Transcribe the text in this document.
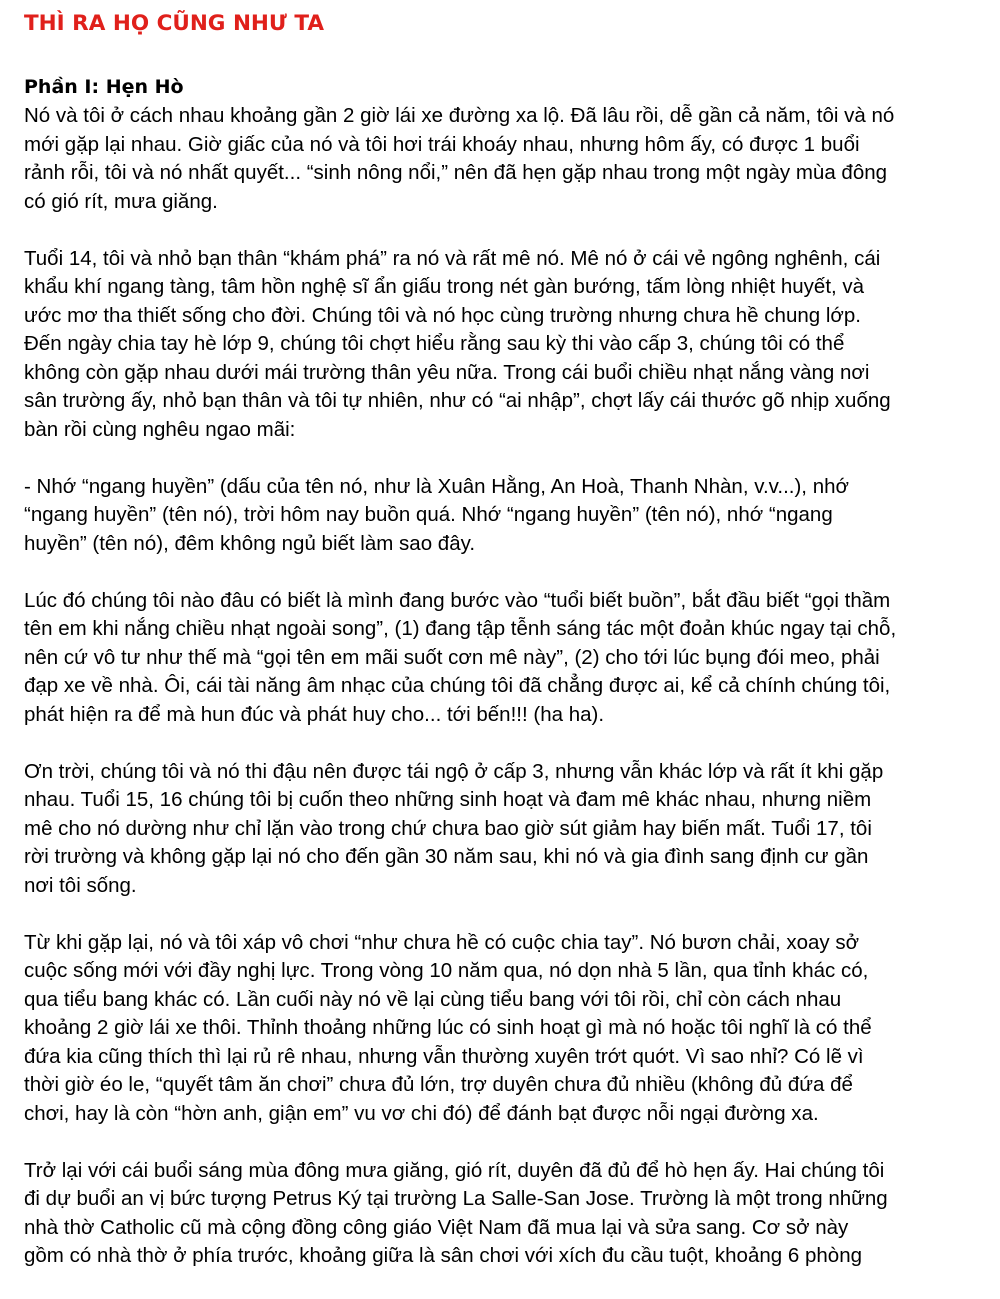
THÌ RA HỌ CŨNG NHƯ TA
Phần I: Hẹn Hò
Nó và tôi ở cách nhau khoảng gần 2 giờ lái xe đường xa lộ. Đã lâu rồi, dễ gần cả năm, tôi và nó
mới gặp lại nhau. Giờ giấc của nó và tôi hơi trái khoáy nhau, nhưng hôm ấy, có được 1 buổi
rảnh rỗi, tôi và nó nhất quyết... “sinh nông nổi,” nên đã hẹn gặp nhau trong một ngày mùa đông
có gió rít, mưa giăng.
Tuổi 14, tôi và nhỏ bạn thân “khám phá” ra nó và rất mê nó. Mê nó ở cái vẻ ngông nghênh, cái
khẩu khí ngang tàng, tâm hồn nghệ sĩ ẩn giấu trong nét gàn bướng, tấm lòng nhiệt huyết, và
ước mơ tha thiết sống cho đời. Chúng tôi và nó học cùng trường nhưng chưa hề chung lớp.
Đến ngày chia tay hè lớp 9, chúng tôi chợt hiểu rằng sau kỳ thi vào cấp 3, chúng tôi có thể
không còn gặp nhau dưới mái trường thân yêu nữa. Trong cái buổi chiều nhạt nắng vàng nơi
sân trường ấy, nhỏ bạn thân và tôi tự nhiên, như có “ai nhập”, chợt lấy cái thước gõ nhịp xuống
bàn rồi cùng nghêu ngao mãi:
- Nhớ “ngang huyền” (dấu của tên nó, như là Xuân Hằng, An Hoà, Thanh Nhàn, v.v...), nhớ
“ngang huyền” (tên nó), trời hôm nay buồn quá. Nhớ “ngang huyền” (tên nó), nhớ “ngang
huyền” (tên nó), đêm không ngủ biết làm sao đây.
Lúc đó chúng tôi nào đâu có biết là mình đang bước vào “tuổi biết buồn”, bắt đầu biết “gọi thầm
tên em khi nắng chiều nhạt ngoài song”, (1) đang tập tễnh sáng tác một đoản khúc ngay tại chỗ,
nên cứ vô tư như thế mà “gọi tên em mãi suốt cơn mê này”, (2) cho tới lúc bụng đói meo, phải
đạp xe về nhà. Ôi, cái tài năng âm nhạc của chúng tôi đã chẳng được ai, kể cả chính chúng tôi,
phát hiện ra để mà hun đúc và phát huy cho... tới bến!!! (ha ha).
Ơn trời, chúng tôi và nó thi đậu nên được tái ngộ ở cấp 3, nhưng vẫn khác lớp và rất ít khi gặp
nhau. Tuổi 15, 16 chúng tôi bị cuốn theo những sinh hoạt và đam mê khác nhau, nhưng niềm
mê cho nó dường như chỉ lặn vào trong chứ chưa bao giờ sút giảm hay biến mất. Tuổi 17, tôi
rời trường và không gặp lại nó cho đến gần 30 năm sau, khi nó và gia đình sang định cư gần
nơi tôi sống.
Từ khi gặp lại, nó và tôi xáp vô chơi “như chưa hề có cuộc chia tay”. Nó bươn chải, xoay sở
cuộc sống mới với đầy nghị lực. Trong vòng 10 năm qua, nó dọn nhà 5 lần, qua tỉnh khác có,
qua tiểu bang khác có. Lần cuối này nó về lại cùng tiểu bang với tôi rồi, chỉ còn cách nhau
khoảng 2 giờ lái xe thôi. Thỉnh thoảng những lúc có sinh hoạt gì mà nó hoặc tôi nghĩ là có thể
đứa kia cũng thích thì lại rủ rê nhau, nhưng vẫn thường xuyên trớt quớt. Vì sao nhỉ? Có lẽ vì
thời giờ éo le, “quyết tâm ăn chơi” chưa đủ lớn, trợ duyên chưa đủ nhiều (không đủ đứa để
chơi, hay là còn “hờn anh, giận em” vu vơ chi đó) để đánh bạt được nỗi ngại đường xa.
Trở lại với cái buổi sáng mùa đông mưa giăng, gió rít, duyên đã đủ để hò hẹn ấy. Hai chúng tôi
đi dự buổi an vị bức tượng Petrus Ký tại trường La Salle-San Jose. Trường là một trong những
nhà thờ Catholic cũ mà cộng đồng công giáo Việt Nam đã mua lại và sửa sang. Cơ sở này
gồm có nhà thờ ở phía trước, khoảng giữa là sân chơi với xích đu cầu tuột, khoảng 6 phòng
